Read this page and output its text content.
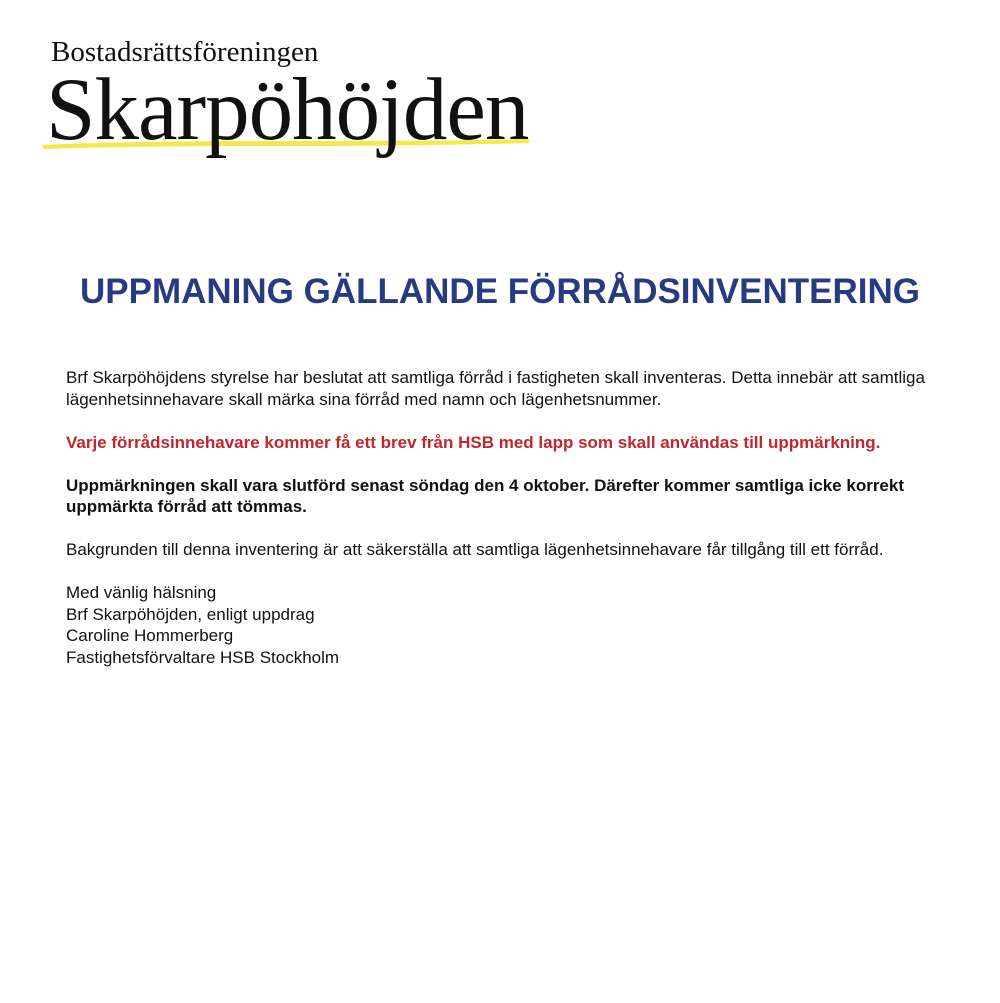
Bostadsrättsföreningen
Skarpöhöjden
UPPMANING GÄLLANDE FÖRRÅDSINVENTERING

Brf Skarpöhöjdens styrelse har beslutat att samtliga förråd i fastigheten skall inventeras. Detta innebär att samtliga lägenhetsinnehavare skall märka sina förråd med namn och lägenhetsnummer.

Varje förrådsinnehavare kommer få ett brev från HSB med lapp som skall användas till uppmärkning.

Uppmärkningen skall vara slutförd senast söndag den 4 oktober. Därefter kommer samtliga icke korrekt uppmärkta förråd att tömmas.

Bakgrunden till denna inventering är att säkerställa att samtliga lägenhetsinnehavare får tillgång till ett förråd.

Med vänlig hälsning
Brf Skarpöhöjden, enligt uppdrag
Caroline Hommerberg
Fastighetsförvaltare HSB Stockholm
